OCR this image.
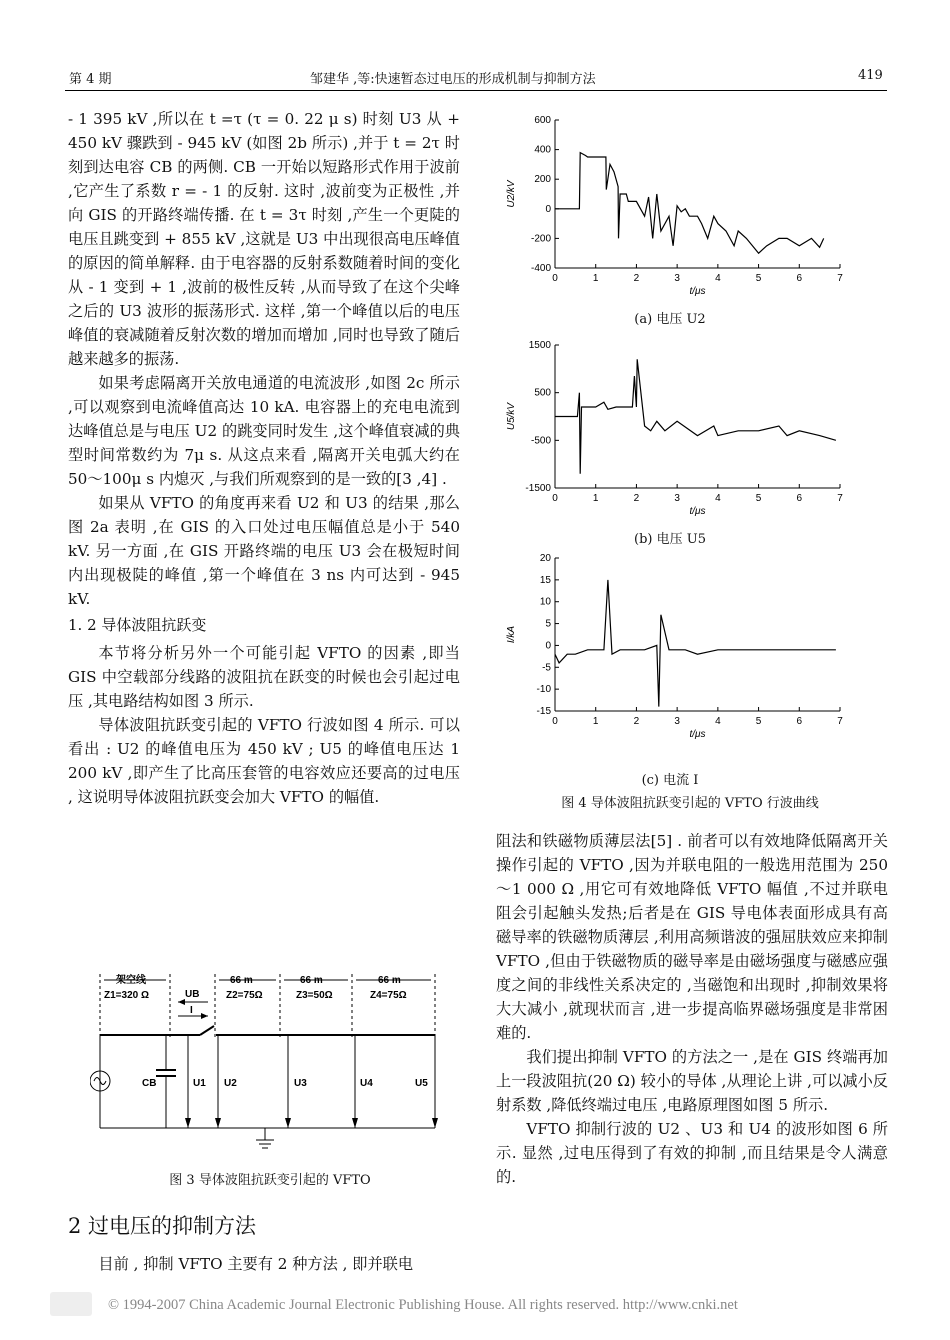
第 4 期	邹建华 ,等:快速暂态过电压的形成机制与抑制方法	419

- 1 395 kV ,所以在 t =τ (τ = 0. 22 μ s) 时刻 U3 从 + 450 kV 骤跌到 - 945 kV (如图 2b 所示) ,并于 t = 2τ 时刻到达电容 CB 的两侧. CB 一开始以短路形式作用于波前 ,它产生了系数 r = - 1 的反射. 这时 ,波前变为正极性 ,并向 GIS 的开路终端传播. 在 t = 3τ 时刻 ,产生一个更陡的电压且跳变到 + 855 kV ,这就是 U3 中出现很高电压峰值的原因的简单解释. 由于电容器的反射系数随着时间的变化从 - 1 变到 + 1 ,波前的极性反转 ,从而导致了在这个尖峰之后的 U3 波形的振荡形式. 这样 ,第一个峰值以后的电压峰值的衰减随着反射次数的增加而增加 ,同时也导致了随后越来越多的振荡.

如果考虑隔离开关放电通道的电流波形 ,如图 2c 所示 ,可以观察到电流峰值高达 10 kA. 电容器上的充电电流到达峰值总是与电压 U2 的跳变同时发生 ,这个峰值衰减的典型时间常数约为 7μ s. 从这点来看 ,隔离开关电弧大约在 50～100μ s 内熄灭 ,与我们所观察到的是一致的[3 ,4] .

如果从 VFTO 的角度再来看 U2 和 U3 的结果 ,那么图 2a 表明 ,在 GIS 的入口处过电压幅值总是小于 540 kV. 另一方面 ,在 GIS 开路终端的电压 U3 会在极短时间内出现极陡的峰值 ,第一个峰值在 3 ns 内可达到 - 945 kV.

1. 2 导体波阻抗跃变

本节将分析另外一个可能引起 VFTO 的因素 ,即当 GIS 中空载部分线路的波阻抗在跃变的时候也会引起过电压 ,其电路结构如图 3 所示.

导体波阻抗跃变引起的 VFTO 行波如图 4 所示. 可以看出 : U2 的峰值电压为 450 kV ; U5 的峰值电压达 1 200 kV ,即产生了比高压套管的电容效应还要高的过电压 , 这说明导体波阻抗跃变会加大 VFTO 的幅值.

架空线
Z1=320 Ω	UB
I
66 m
Z2=75Ω
66 m
Z3=50Ω
66 m
Z4=75Ω
CB	U1 U2	U3	U4	U5
图 3 导体波阻抗跃变引起的 VFTO
2 过电压的抑制方法

目前 , 抑制 VFTO 主要有 2 种方法 , 即并联电

0	1	2	3	4	5	6	7
-400
-200
0
200
400
600
t/μs
U2/kV
(a) 电压 U2
0	1	2	3	4	5	6	7
-1500
-500
500
1500
t/μs
U5/kV
(b) 电压 U5
0	1	2	3	4	5	6	7
-15
-10
-5
0
5
10
15
20
t/μs
I/kA
(c) 电流 I
图 4 导体波阻抗跃变引起的 VFTO 行波曲线

阻法和铁磁物质薄层法[5] . 前者可以有效地降低隔离开关操作引起的 VFTO ,因为并联电阻的一般选用范围为 250～1 000 Ω ,用它可有效地降低 VFTO 幅值 ,不过并联电阻会引起触头发热;后者是在 GIS 导电体表面形成具有高磁导率的铁磁物质薄层 ,利用高频谐波的强屈肤效应来抑制 VFTO ,但由于铁磁物质的磁导率是由磁场强度与磁感应强度之间的非线性关系决定的 ,当磁饱和出现时 ,抑制效果将大大减小 ,就现状而言 ,进一步提高临界磁场强度是非常困难的.

我们提出抑制 VFTO 的方法之一 ,是在 GIS 终端再加上一段波阻抗(20 Ω) 较小的导体 ,从理论上讲 ,可以减小反射系数 ,降低终端过电压 ,电路原理图如图 5 所示.

VFTO 抑制行波的 U2 、U3 和 U4 的波形如图 6 所示. 显然 ,过电压得到了有效的抑制 ,而且结果是令人满意的.

© 1994-2007 China Academic Journal Electronic Publishing House. All rights reserved. http://www.cnki.net
